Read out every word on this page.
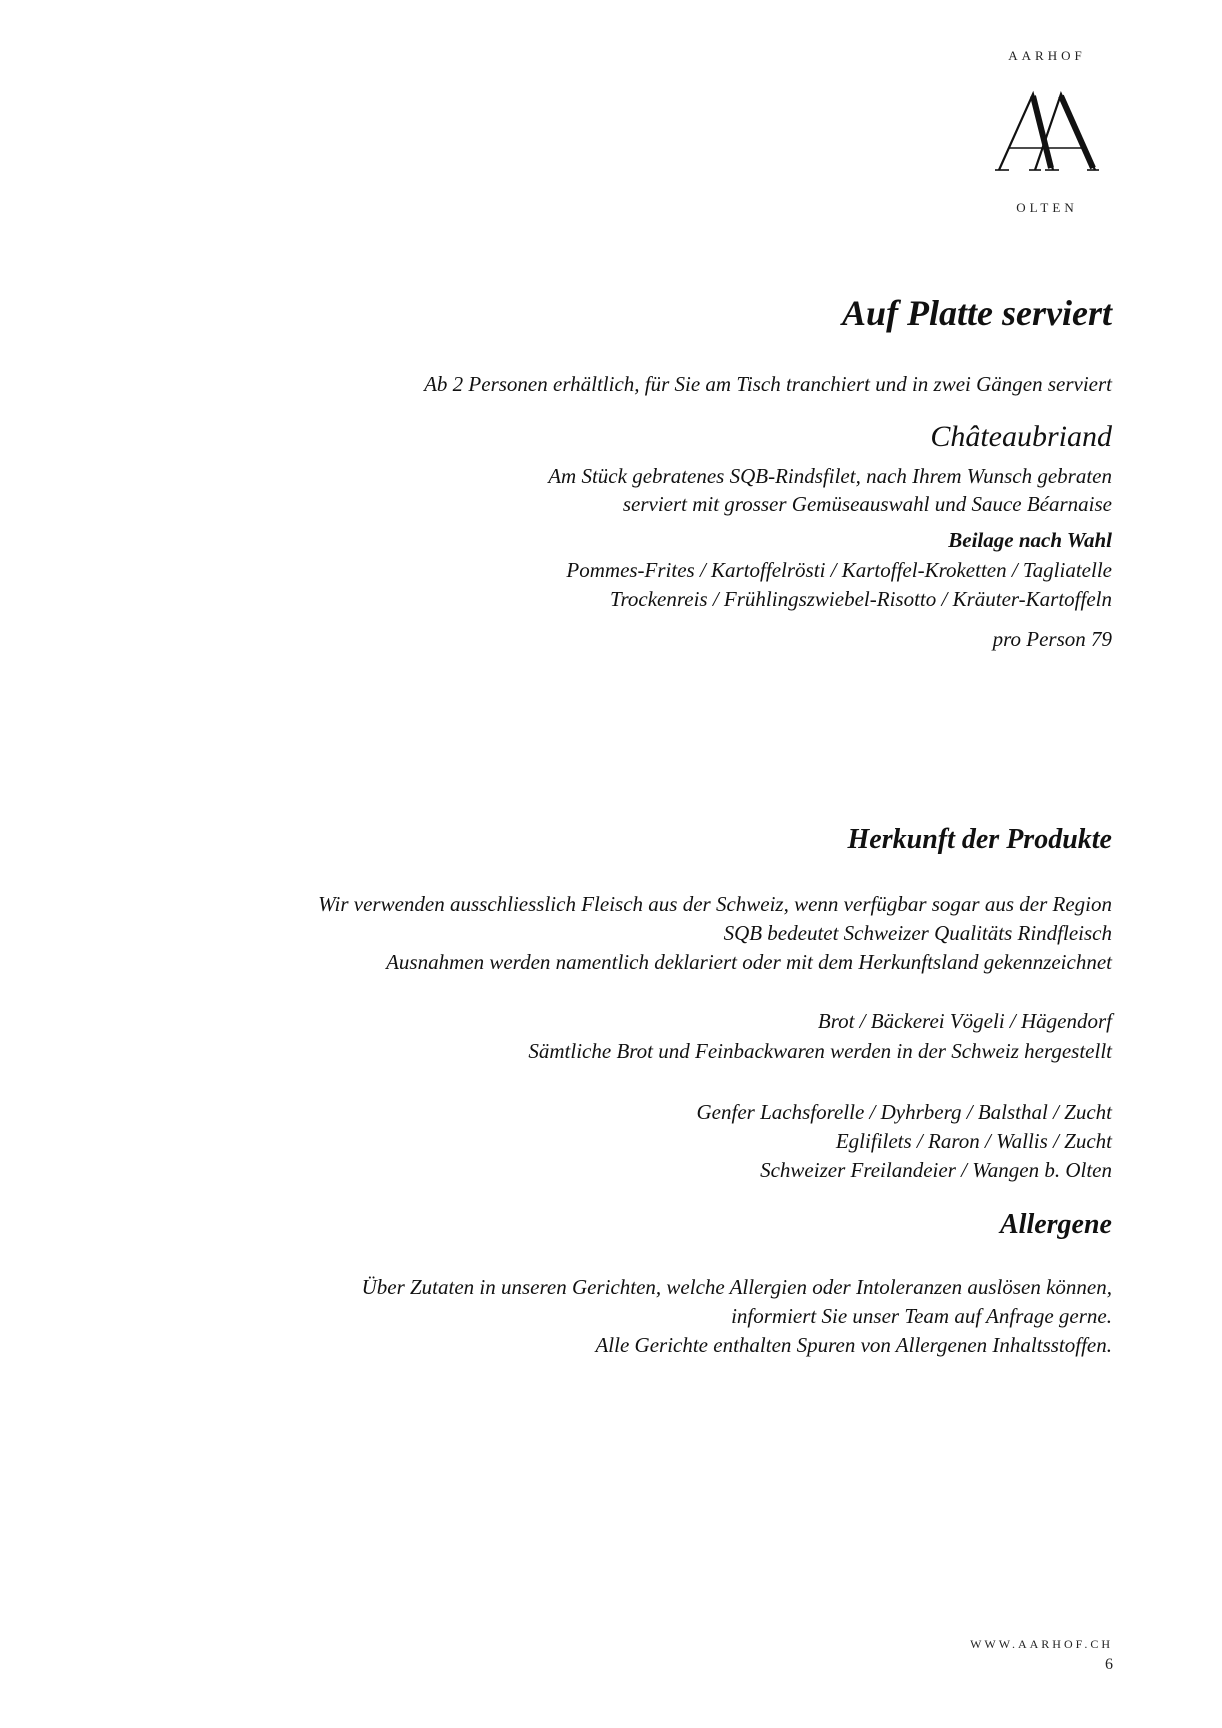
AARHOF
OLTEN
Auf Platte serviert
Ab 2 Personen erhältlich, für Sie am Tisch tranchiert und in zwei Gängen serviert
Châteaubriand
Am Stück gebratenes SQB-Rindsfilet, nach Ihrem Wunsch gebraten
serviert mit grosser Gemüseauswahl und Sauce Béarnaise
Beilage nach Wahl
Pommes-Frites / Kartoffelrösti / Kartoffel-Kroketten / Tagliatelle
Trockenreis / Frühlingszwiebel-Risotto / Kräuter-Kartoffeln
pro Person 79
Herkunft der Produkte
Wir verwenden ausschliesslich Fleisch aus der Schweiz, wenn verfügbar sogar aus der Region
SQB bedeutet Schweizer Qualitäts Rindfleisch
Ausnahmen werden namentlich deklariert oder mit dem Herkunftsland gekennzeichnet
Brot / Bäckerei Vögeli / Hägendorf
Sämtliche Brot und Feinbackwaren werden in der Schweiz hergestellt
Genfer Lachsforelle / Dyhrberg / Balsthal / Zucht
Eglifilets / Raron / Wallis / Zucht
Schweizer Freilandeier / Wangen b. Olten
Allergene
Über Zutaten in unseren Gerichten, welche Allergien oder Intoleranzen auslösen können,
informiert Sie unser Team auf Anfrage gerne.
Alle Gerichte enthalten Spuren von Allergenen Inhaltsstoffen.
WWW.AARHOF.CH
6
